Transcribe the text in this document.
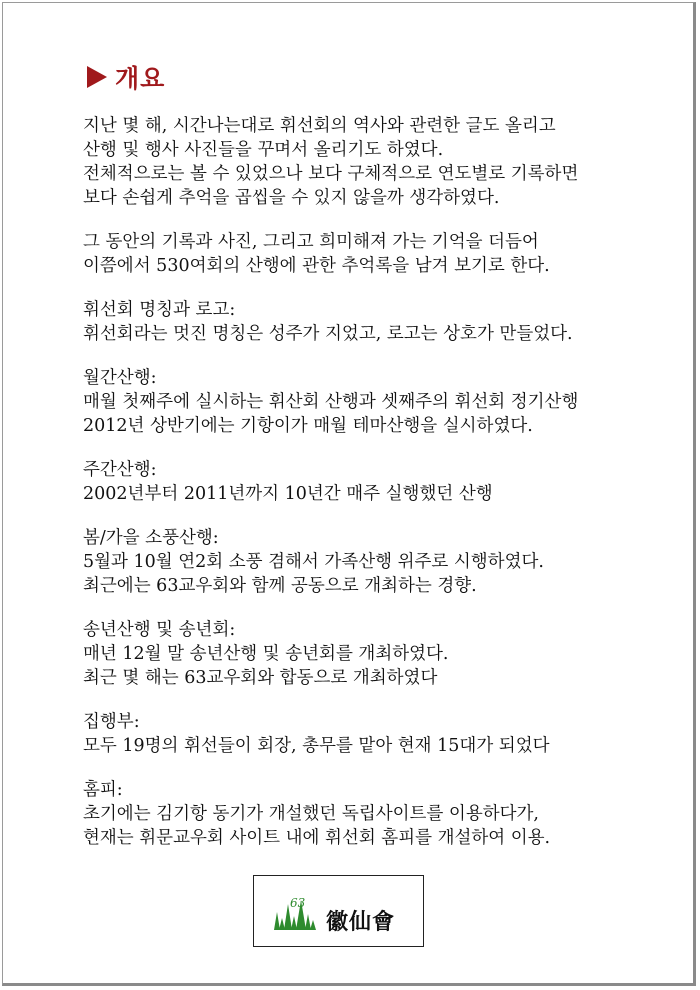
개요
지난 몇 해, 시간나는대로 휘선회의 역사와 관련한 글도 올리고
산행 및 행사 사진들을 꾸며서 올리기도 하였다.
전체적으로는 볼 수 있었으나 보다 구체적으로 연도별로 기록하면
보다 손쉽게 추억을 곱씹을 수 있지 않을까 생각하였다.
그 동안의 기록과 사진, 그리고 희미해져 가는 기억을 더듬어
이쯤에서 530여회의 산행에 관한 추억록을 남겨 보기로 한다.
휘선회 명칭과 로고:
휘선회라는 멋진 명칭은 성주가 지었고, 로고는 상호가 만들었다.
월간산행:
매월 첫째주에 실시하는 휘산회 산행과 셋째주의 휘선회 정기산행
2012년 상반기에는 기항이가 매월 테마산행을 실시하였다.
주간산행:
2002년부터 2011년까지 10년간 매주 실행했던 산행
봄/가을 소풍산행:
5월과 10월 연2회 소풍 겸해서 가족산행 위주로 시행하였다.
최근에는 63교우회와 함께 공동으로 개최하는 경향.
송년산행 및 송년회:
매년 12월 말 송년산행 및 송년회를 개최하였다.
최근 몇 해는 63교우회와 합동으로 개최하였다
집행부:
모두 19명의 휘선들이 회장, 총무를 맡아 현재 15대가 되었다
홈피:
초기에는 김기항 동기가 개설했던 독립사이트를 이용하다가,
현재는 휘문교우회 사이트 내에 휘선회 홈피를 개설하여 이용.
63
徽仙會
